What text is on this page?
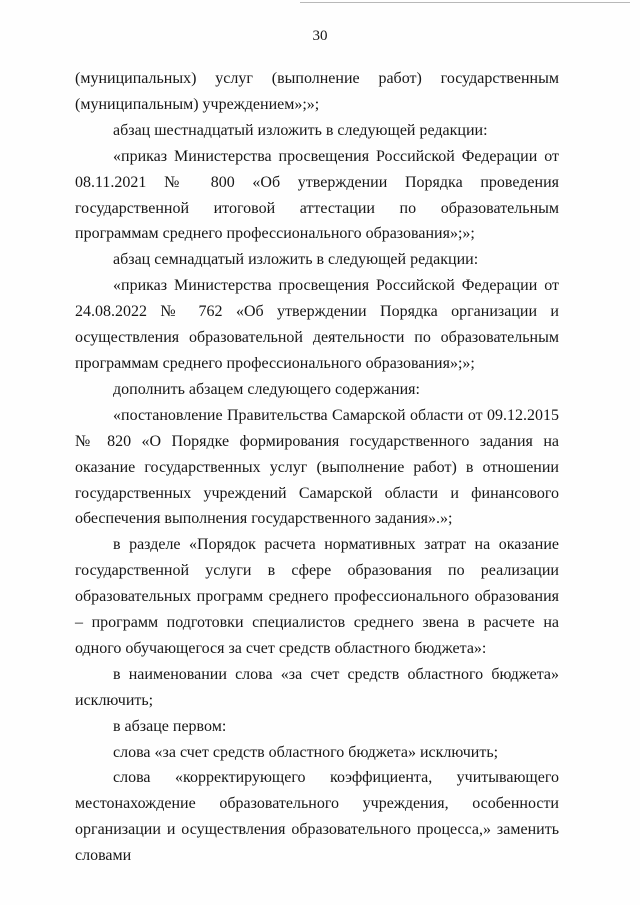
30

(муниципальных) услуг (выполнение работ) государственным (муниципальным) учреждением»;»;

абзац шестнадцатый изложить в следующей редакции:

«приказ Министерства просвещения Российской Федерации от 08.11.2021 № 800 «Об утверждении Порядка проведения государственной итоговой аттестации по образовательным программам среднего профессионального образования»;»;

абзац семнадцатый изложить в следующей редакции:

«приказ Министерства просвещения Российской Федерации от 24.08.2022 № 762 «Об утверждении Порядка организации и осуществления образовательной деятельности по образовательным программам среднего профессионального образования»;»;

дополнить абзацем следующего содержания:

«постановление Правительства Самарской области от 09.12.2015 № 820 «О Порядке формирования государственного задания на оказание государственных услуг (выполнение работ) в отношении государственных учреждений Самарской области и финансового обеспечения выполнения государственного задания».»;

в разделе «Порядок расчета нормативных затрат на оказание государственной услуги в сфере образования по реализации образовательных программ среднего профессионального образования – программ подготовки специалистов среднего звена в расчете на одного обучающегося за счет средств областного бюджета»:

в наименовании слова «за счет средств областного бюджета» исключить;

в абзаце первом:

слова «за счет средств областного бюджета» исключить;

слова «корректирующего коэффициента, учитывающего местонахождение образовательного учреждения, особенности организации и осуществления образовательного процесса,» заменить словами
